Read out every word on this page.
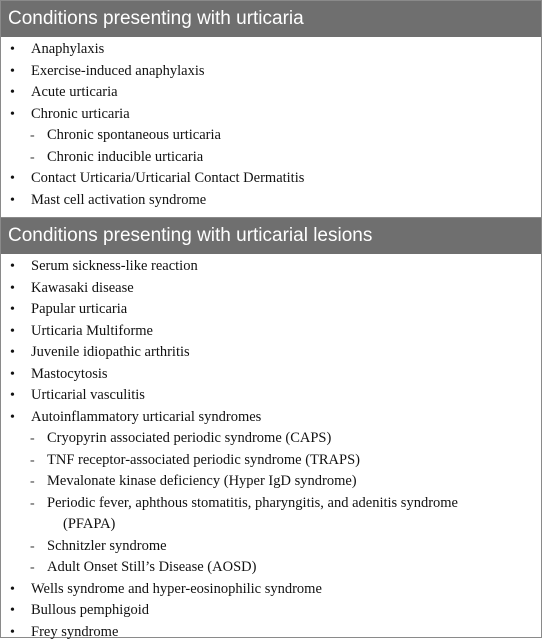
Conditions presenting with urticaria
• Anaphylaxis
• Exercise-induced anaphylaxis
• Acute urticaria
• Chronic urticaria
- Chronic spontaneous urticaria
- Chronic inducible urticaria
• Contact Urticaria/Urticarial Contact Dermatitis
• Mast cell activation syndrome
Conditions presenting with urticarial lesions
• Serum sickness-like reaction
• Kawasaki disease
• Papular urticaria
• Urticaria Multiforme
• Juvenile idiopathic arthritis
• Mastocytosis
• Urticarial vasculitis
• Autoinflammatory urticarial syndromes
- Cryopyrin associated periodic syndrome (CAPS)
- TNF receptor-associated periodic syndrome (TRAPS)
- Mevalonate kinase deficiency (Hyper IgD syndrome)
- Periodic fever, aphthous stomatitis, pharyngitis, and adenitis syndrome
(PFAPA)
- Schnitzler syndrome
- Adult Onset Still’s Disease (AOSD)
• Wells syndrome and hyper-eosinophilic syndrome
• Bullous pemphigoid
• Frey syndrome
